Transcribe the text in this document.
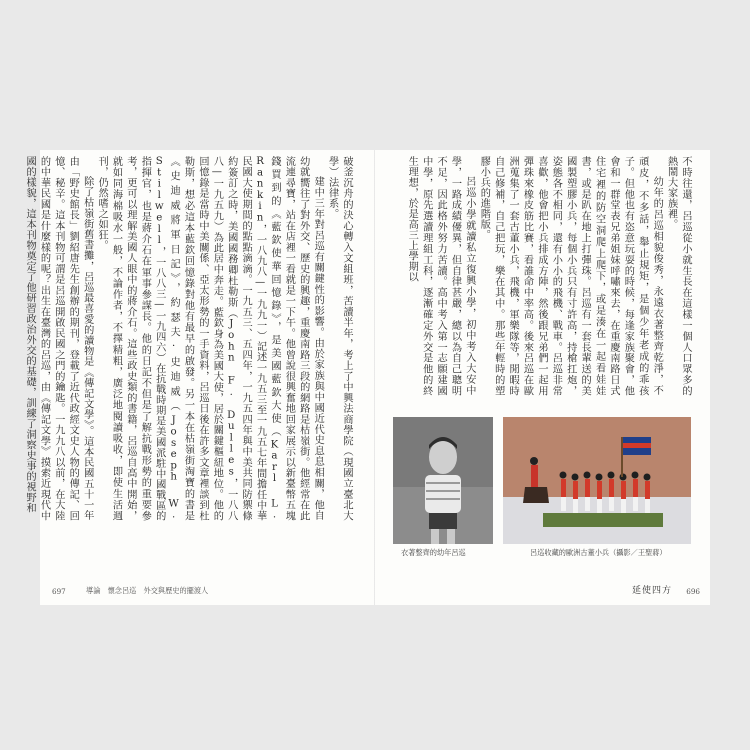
破釜沉舟的決心轉入文組班，苦讀半年，考上了中興法商學院（現國立臺北大學）法律系。

建中三年對呂巡有關鍵性的影響。由於家族與中國近代史息息相關，他自幼就嚮往了對外交、歷史的興趣，重慶南路三段的網路是枯嶺街。他經常在此流連尋寶，站在店裡一看就是一下午。他曾說很興奮地回家展示以新臺幣五塊錢買到的《藍欽使華回憶錄》，是美國藍欽大使（Karl L. Rankin，一八九八—一九九一）記述一九五三至一九五七年間擔任中華民國大使期間的點點滴滴。一九五三、五四年，一九五四年與中美共同防禦條約簽訂之時，美國國務卿杜勒斯（John F. Dulles，一八八八—一九五九）為此居中奔走。藍欽身為美國大使，居於關鍵樞紐地位。他的回憶錄是當時中美關係、亞太形勢的一手資料，呂巡日後在許多文章裡談到杜勒斯，想必這本藍欽回憶錄對他有最早的啟發。另一本在枯嶺街淘寶的書是《史迪威將軍日記》，約瑟夫·史迪威（Joseph W. Stilwell，一八八三—一九四六）在抗戰時期是美國派駐中國戰區的指揮官，也是蔣介石在軍事參謀長。他的日記不但是了解抗戰形勢的重要參考，更可以理解美國人眼中的蔣介石。這些政史類的書籍，呂巡自高中開始，就如同海棉吸水一般，不論作者，不擇精粗，廣泛地閱讀吸收，即使生活週刊，仍然嗜之如狂。

除了枯嶺街舊書攤，呂巡最喜愛的讀物是《傳記文學》。這本民國五十一年由「野史館長」劉紹唐先生創辦的期刊，登載了近代政經文史人物的傳記、回憶、秘辛。這本刊物可謂是呂巡開啟民國之門的鑰匙。一九九八以前，在大陸的中華民國是什麼樣的呢？出生在臺灣的呂巡，由《傳記文學》摸索近現代中國的樣貌，這本刊物奠定了他研習政治外交的基礎，訓練了洞察史事的視野和

697	導論　懷念呂巡　外交與歷史的擺渡人

不時往還，呂巡從小就生長在這樣一個人口眾多的熱鬧大家族裡。

幼年的呂巡相貌俊秀，永遠衣著整齊乾淨，不頑皮，不多話，舉止規矩，是個少年老成的乖孩子。但他也有恣意玩耍的時候，每逢家族聚會，他會和一群堂表兄弟姐妹呼嘯來去，在重慶南路日式住宅裡的防空洞爬上爬下，或是湊在一起看娃娃書，或是趴在地上打彈珠。呂巡有一套長輩送的美國製塑膠小兵，每個小兵只有寸許高，持槍扛炮，姿態各不相同，還有小小的飛機、戰車。呂巡非常喜歡，他會把小兵排成方陣，然後跟兄弟們一起用彈珠來橡皮筋比賽，看誰命中率高。後來呂巡在歐洲蒐集了一套古董小兵，飛機，軍樂隊等，閒暇時自己修補，自己把玩，樂在其中。那些年輕時的塑膠小兵的進階版。

呂巡小學就讀私立復興小學，初中考入大安中學，一路成績優異，但自律甚嚴，總以為自己聰明不足，因此格外努力苦讀。高中考入第一志願建國中學，原先選讀理組工科，逐漸確定外交是他的終生理想，於是高三上學期以

衣著整齊的幼年呂巡	呂巡收藏的歐洲古董小兵（攝影／王聖蔣）
延使四方 696
